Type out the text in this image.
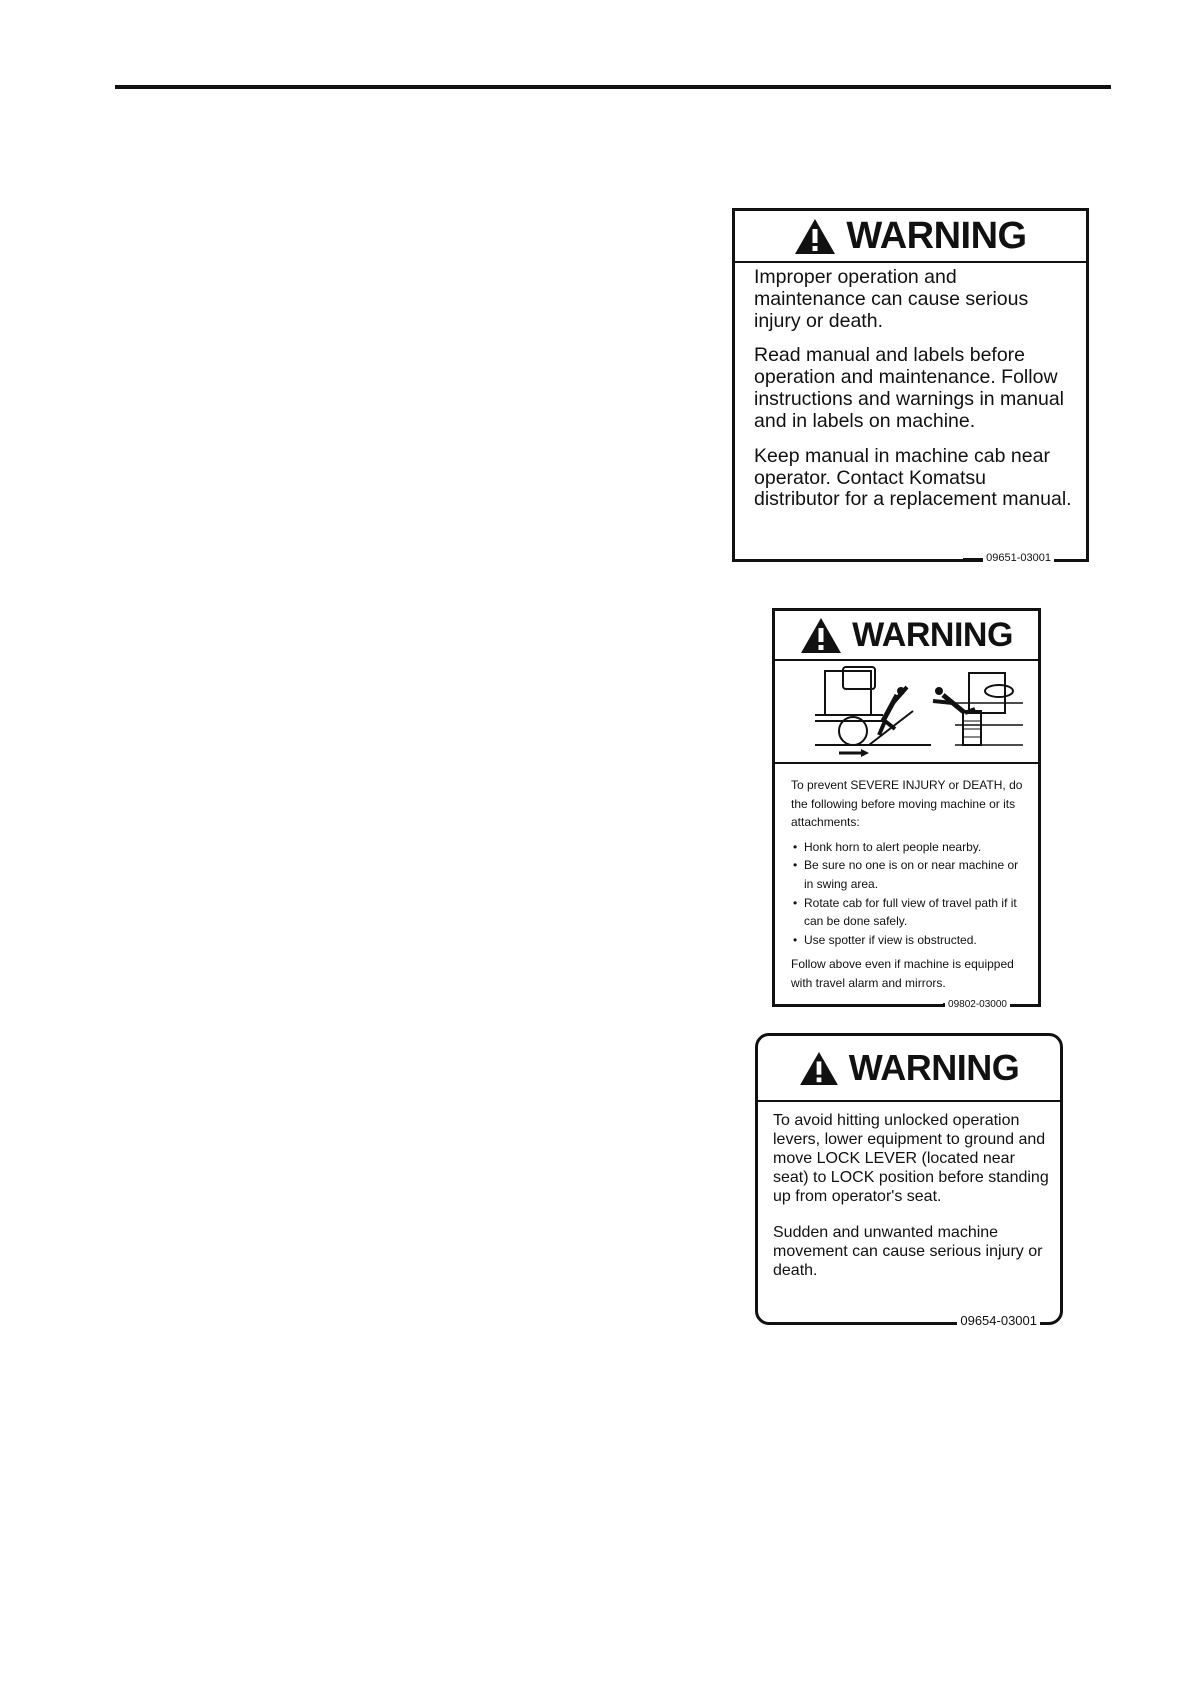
WARNING

Improper operation and maintenance can cause serious injury or death.

Read manual and labels before operation and maintenance. Follow instructions and warnings in manual and in labels on machine.

Keep manual in machine cab near operator. Contact Komatsu distributor for a replacement manual.

09651-03001
WARNING
To prevent SEVERE INJURY or DEATH, do the following before moving machine or its attachments:
• Honk horn to alert people nearby.
• Be sure no one is on or near machine or in swing area.
• Rotate cab for full view of travel path if it can be done safely.
• Use spotter if view is obstructed.
Follow above even if machine is equipped with travel alarm and mirrors.
09802-03000
WARNING

To avoid hitting unlocked operation levers, lower equipment to ground and move LOCK LEVER (located near seat) to LOCK position before standing up from operator's seat.

Sudden and unwanted machine movement can cause serious injury or death.

09654-03001
